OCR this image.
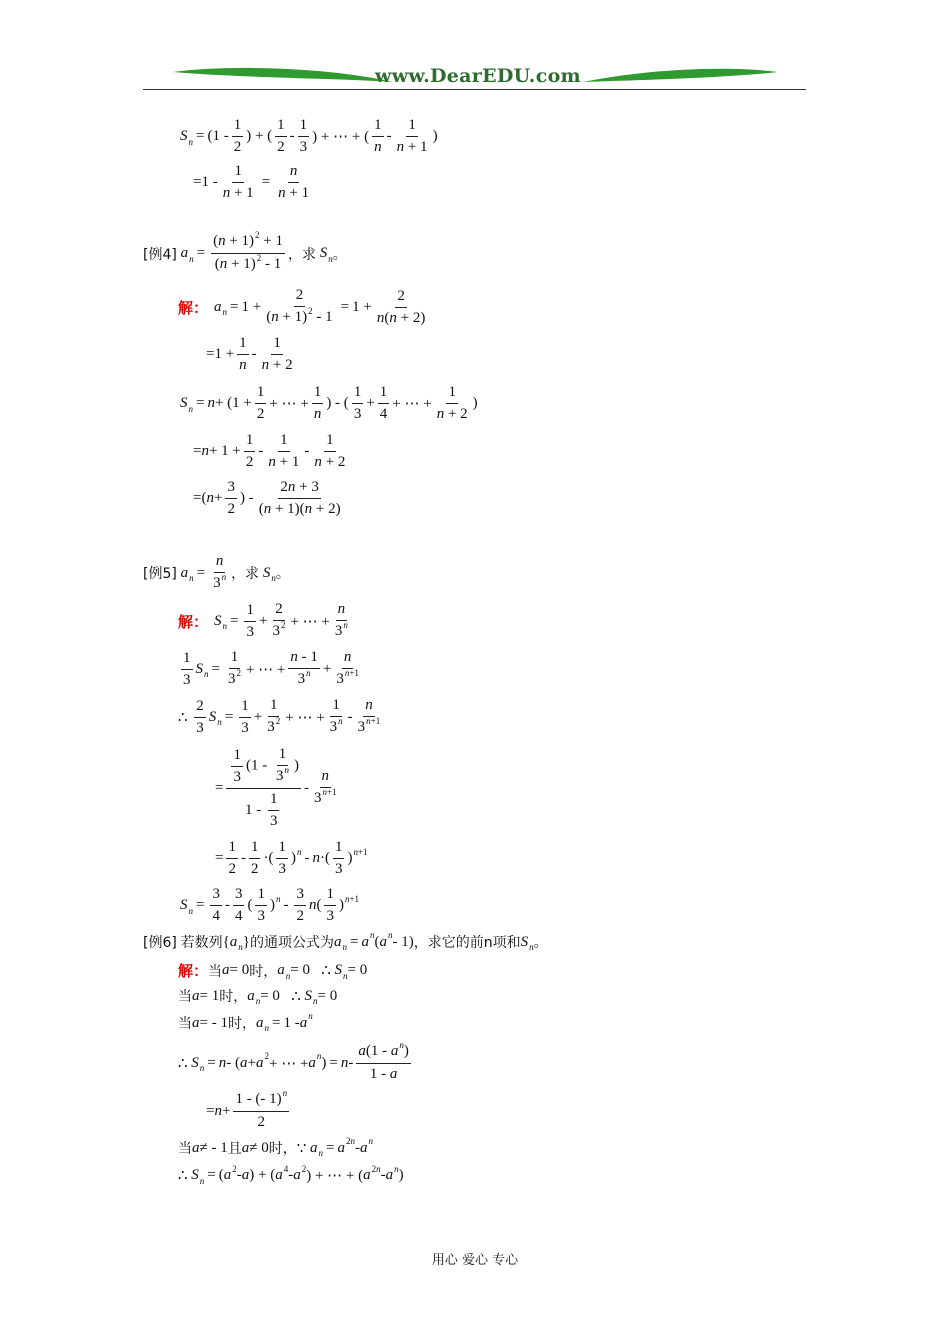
www.DearEDU.com
S $n = (1 - \frac{1}{2}$ ) + ( $\frac{1}{2} - \frac{1}{3}$ ) + ⋯ + ( $\frac{1}{n} - \frac{1}{n + 1}$ )
$=1 - \frac{1}{n + 1} = \frac{n}{n + 1}$
[例4]
a $n = \frac{(n + 1)^2 + 1}{(n + 1)^2 - 1}$ ，求
S n 。
解： a $n = 1 + \frac{2}{(n + 1)^2 - 1} = 1 + \frac{2}{n(n + 2)}$
$=1 + \frac{1}{n} - \frac{1}{n + 2}$
S $n = n + (1 + \frac{1}{2}$ + ⋯ + $\frac{1}{n}$ ) - ( $\frac{1}{3} + \frac{1}{4}$ + ⋯ + $\frac{1}{n + 2}$ )
= $n + 1 + \frac{1}{2} - \frac{1}{n + 1} - \frac{1}{n + 2}$
=( $n + \frac{3}{2}$ ) - $\frac{2n + 3}{(n + 1)(n + 2)}$
[例5]
a $n = \frac{n}{3^n}$ ，求
S n 。
解： S $n = \frac{1}{3} + \frac{2}{3^2}$ + ⋯ + $\frac{n}{3^n}$
$\frac{1}{3}$ S $n = \frac{1}{3^2}$ + ⋯ + $\frac{n - 1}{3^n} + \frac{n}{3^{n+1}}$
∴
$\frac{2}{3}$ S $n = \frac{1}{3} + \frac{1}{3^2}$ + ⋯ + $\frac{1}{3^n} - \frac{n}{3^{n+1}}$
= $\frac{\frac{1}{3} (1 - \frac{1}{3^n} )}{1 - \frac{1}{3}} - \frac{n}{3^{n+1}}$
= $\frac{1}{2} - \frac{1}{2}$ ·( $\frac{1}{3}$ ) n - n ·( $\frac{1}{3}$ ) n+1
S $n = \frac{3}{4} - \frac{3}{4}$ ( $\frac{1}{3}$ ) n - $\frac{3}{2}$ n ( $\frac{1}{3}$ ) n+1
[例6]
若数列 { a n } 的通项公式为 a n = a n ( a n - 1) ，求它的前n项和 S n 。
解： 当 a = 0 时， a n = 0 ∴
S n = 0
当 a = 1 时， a n = 0 ∴
S n = 0
当 a = - 1 时， a n = 1 - a n
∴
S n = n - ( a + a 2 + ⋯ + a n ) = n - $\frac{a(1 - a^n)}{1 - a}$
= $n + \frac{1 - (- 1)^n}{2}$
当 a ≠ - 1 且 a ≠ 0 时， ∵
a n = a 2n - a n
∴
S n = ( a 2 - a ) + ( a 4 - a 2 ) + ⋯ + ( a 2n - a n )
用心 爱心 专心
